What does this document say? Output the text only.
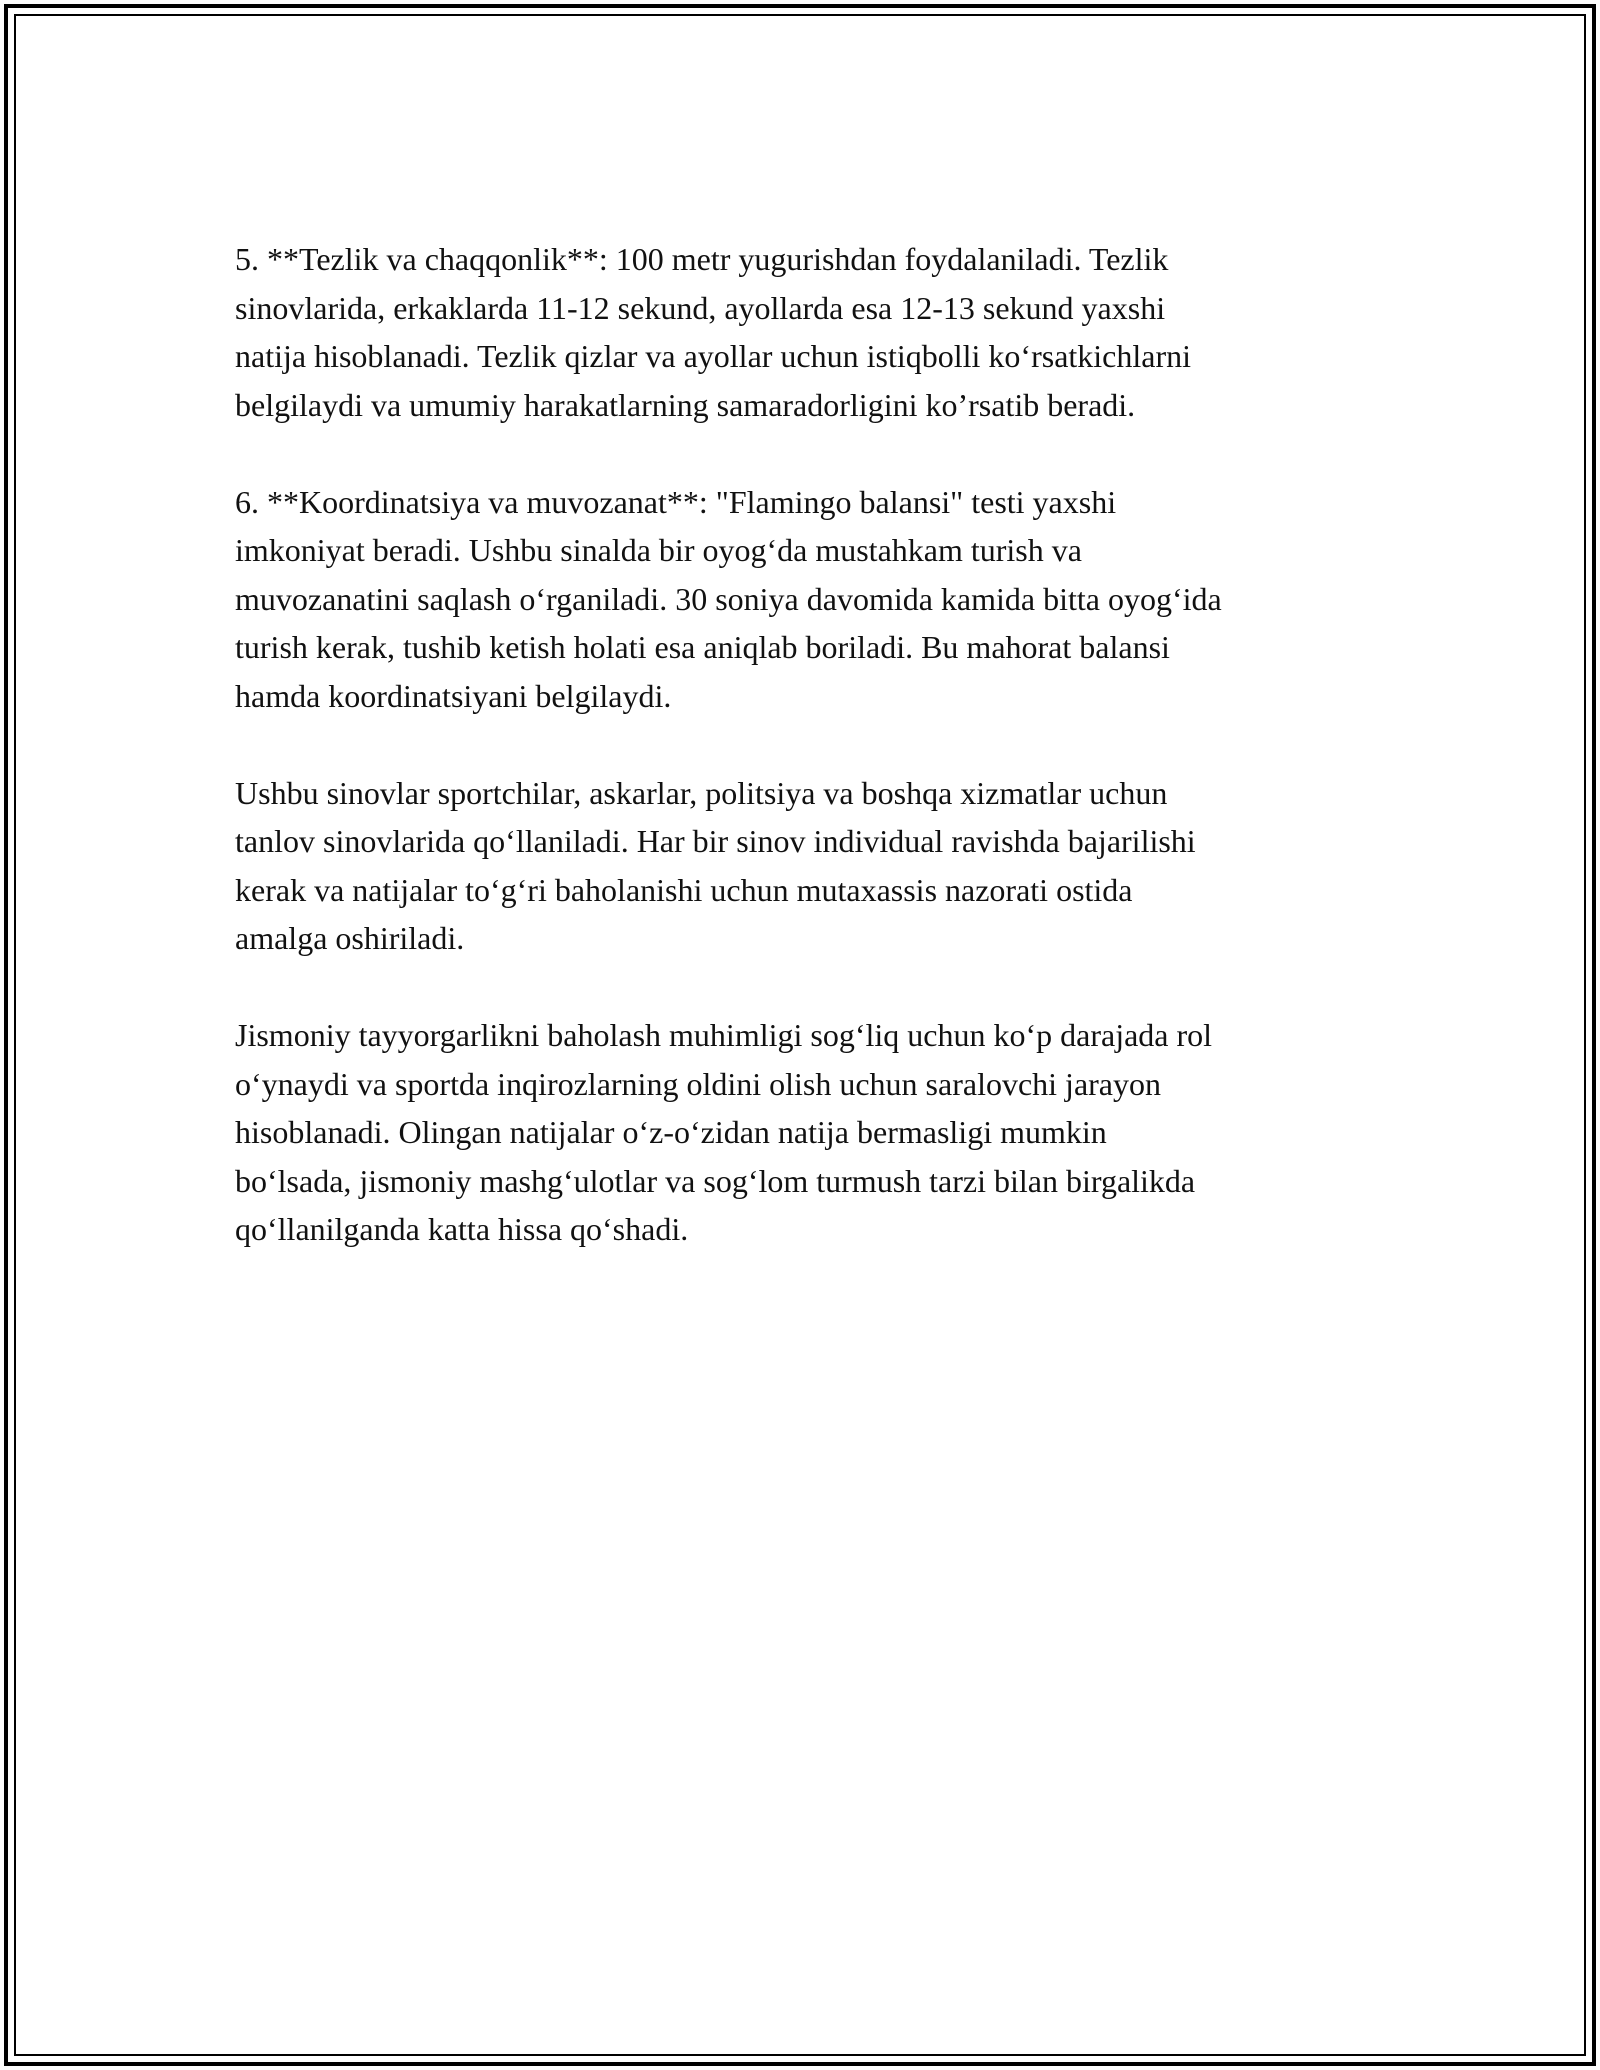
5. **Tezlik va chaqqonlik**: 100 metr yugurishdan foydalaniladi. Tezlik
sinovlarida, erkaklarda 11-12 sekund, ayollarda esa 12-13 sekund yaxshi
natija hisoblanadi. Tezlik qizlar va ayollar uchun istiqbolli koʻrsatkichlarni
belgilaydi va umumiy harakatlarning samaradorligini ko’rsatib beradi.

6. **Koordinatsiya va muvozanat**: "Flamingo balansi" testi yaxshi
imkoniyat beradi. Ushbu sinalda bir oyogʻda mustahkam turish va
muvozanatini saqlash oʻrganiladi. 30 soniya davomida kamida bitta oyogʻida
turish kerak, tushib ketish holati esa aniqlab boriladi. Bu mahorat balansi
hamda koordinatsiyani belgilaydi.

Ushbu sinovlar sportchilar, askarlar, politsiya va boshqa xizmatlar uchun
tanlov sinovlarida qoʻllaniladi. Har bir sinov individual ravishda bajarilishi
kerak va natijalar toʻgʻri baholanishi uchun mutaxassis nazorati ostida
amalga oshiriladi.

Jismoniy tayyorgarlikni baholash muhimligi sogʻliq uchun koʻp darajada rol
oʻynaydi va sportda inqirozlarning oldini olish uchun saralovchi jarayon
hisoblanadi. Olingan natijalar oʻz-oʻzidan natija bermasligi mumkin
boʻlsada, jismoniy mashgʻulotlar va sogʻlom turmush tarzi bilan birgalikda
qoʻllanilganda katta hissa qoʻshadi.
